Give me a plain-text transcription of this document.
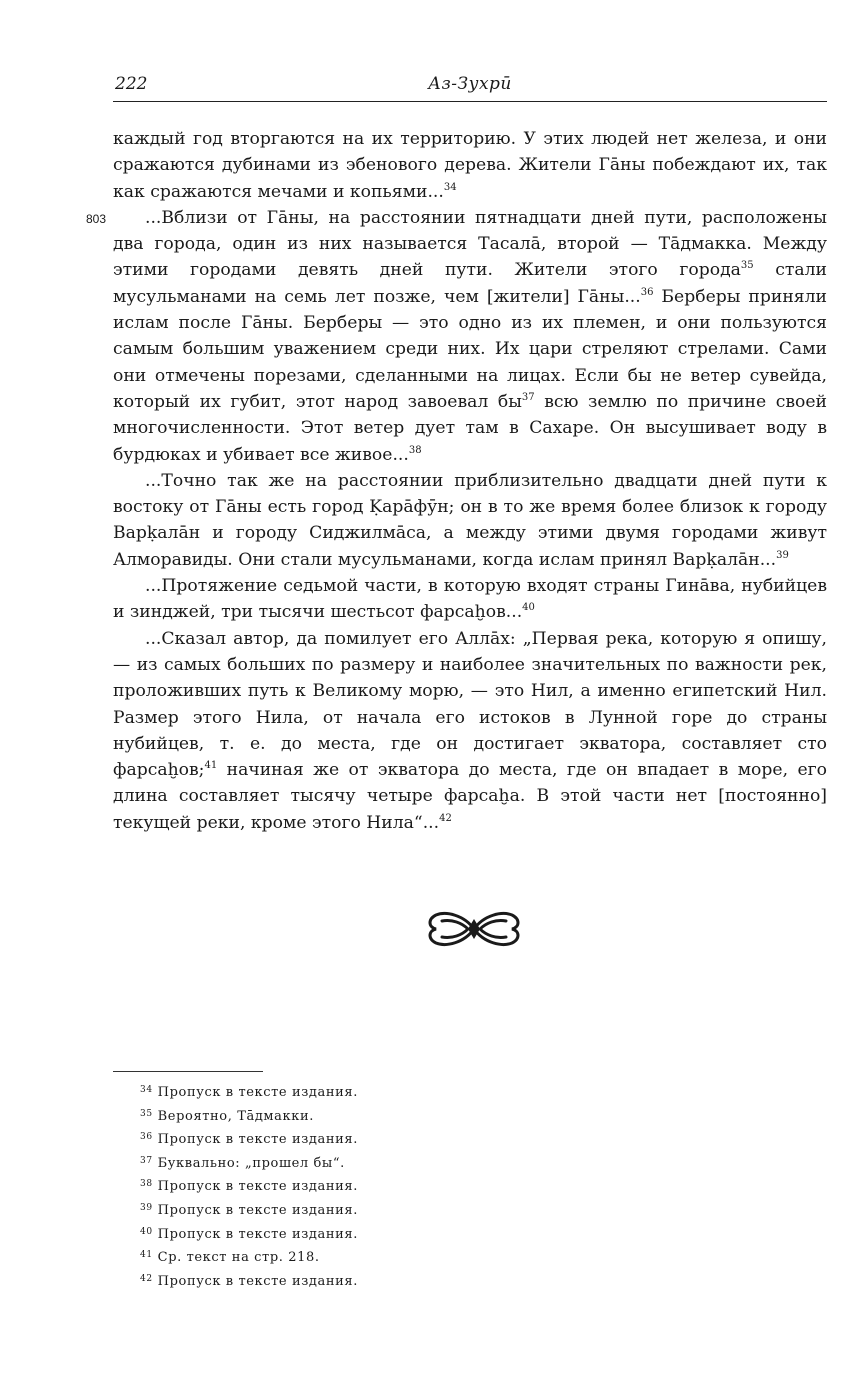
222	Аз-Зухрӣ
803

каждый год вторгаются на их территорию. У этих людей нет железа, и они сражаются дубинами из эбенового дерева. Жители Гāны побеждают их, так как сражаются мечами и копьями...$^{34}$

...Вблизи от Гāны, на расстоянии пятнадцати дней пути, расположены два города, один из них называется Тасалā, второй — Тāдмакка. Между этими городами девять дней пути. Жители этого города$^{35}$ стали мусульманами на семь лет позже, чем [жители] Гāны...$^{36}$ Берберы приняли ислам после Гāны. Берберы — это одно из их племен, и они пользуются самым большим уважением среди них. Их цари стреляют стрелами. Сами они отмечены порезами, сделанными на лицах. Если бы не ветер сувейда, который их губит, этот народ завоевал $бы^{37}$ всю землю по причине своей многочисленности. Этот ветер дует там в Сахаре. Он высушивает воду в бурдюках и убивает все живое...$^{38}$

...Точно так же на расстоянии приблизительно двадцати дней пути к востоку от Гāны есть город Ḳарāфӯн; он в то же время более близок к городу Варḳалāн и городу Сиджилмāса, а между этими двумя городами живут Алморавиды. Они стали мусульманами, когда ислам принял Варḳалāн...$^{39}$

...Протяжение седьмой части, в которую входят страны Гинāва, нубийцев и зинджей, три тысячи шестьсот фарсаḫов...$^{40}$

...Сказал автор, да помилует его Аллāх: „Первая река, которую я опишу, — из самых больших по размеру и наиболее значительных по важности рек, проложивших путь к Великому морю, — это Нил, а именно египетский Нил. Размер этого Нила, от начала его истоков в Лунной горе до страны нубийцев, т. е. до места, где он достигает экватора, составляет сто фарсаḫов;$^{41}$ начиная же от экватора до места, где он впадает в море, его длина составляет тысячу четыре фарсаḫа. В этой части нет [постоянно] текущей реки, кроме этого Нила“...$^{42}$

$^{34}$ Пропуск в тексте издания.
$^{35}$ Вероятно, Тāдмакки.
$^{36}$ Пропуск в тексте издания.
$^{37}$ Буквально: „прошел бы“.
$^{38}$ Пропуск в тексте издания.
$^{39}$ Пропуск в тексте издания.
$^{40}$ Пропуск в тексте издания.
$^{41}$ Ср. текст на стр. 218.
$^{42}$ Пропуск в тексте издания.
